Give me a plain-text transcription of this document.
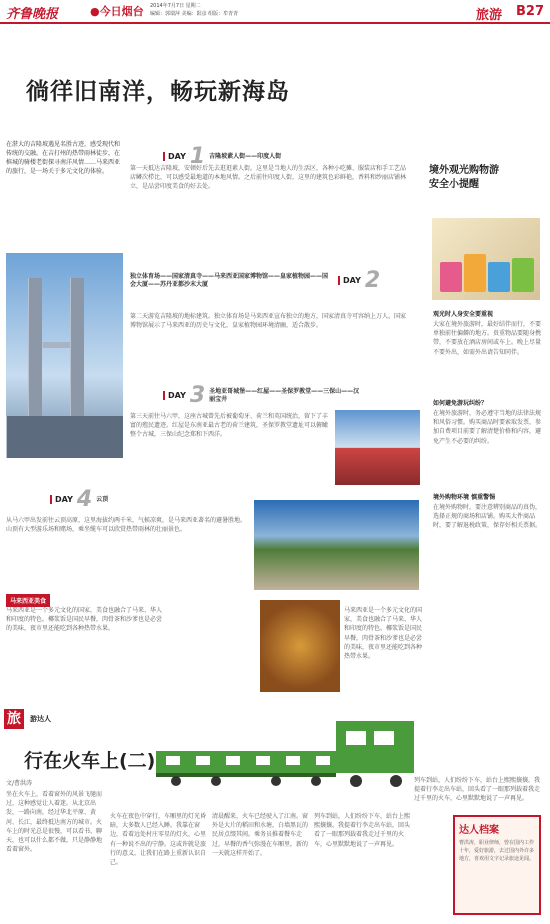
齐鲁晚报	●今日烟台 2014年7月7日 星期二
编辑：郭瑞萍 美编：阳彦 组版：牟青青	旅游 B27
徜徉旧南洋，畅玩新海岛
在湛大的吉隆坡遇见名胜古迹，感受现代和传统的交融，在吉打州的热带雨林徒步，在槟城的骑楼老街探寻南洋风情……马来西亚的旅行，是一场关于多元文化的体验。
DAY 1 吉隆坡素人街——印度人街
第一天抵达吉隆坡，安顿好后先去逛逛素人街。这里是当地人的生活区，各种小吃摊、服装店和手工艺品店鳞次栉比，可以感受最地道的本地风情。之后前往印度人街，这里的建筑色彩鲜艳，香料和纱丽店铺林立，是品尝印度美食的好去处。
独立体育场——国家清真寺——马来西亚国家博物馆——皇家植物园——国会大厦——苏丹亚都沙末大厦	DAY 2
第二天游览吉隆坡的地标建筑。独立体育场是马来西亚宣布独立的地方，国家清真寺可容纳上万人。国家博物馆展示了马来西亚的历史与文化，皇家植物园环境清幽，适合散步。
DAY 3 圣地亚哥城堡——红屋——圣保罗教堂——三保山——汉丽宝井
第三天前往马六甲，这座古城曾先后被葡萄牙、荷兰和英国统治，留下了丰富的殖民遗迹。红屋是东南亚最古老的荷兰建筑，圣保罗教堂遗址可以俯瞰整个古城，三保山纪念郑和下西洋。
DAY 4 云顶
从马六甲出发前往云顶高原，这里海拔约两千米，气候凉爽，是马来西亚著名的避暑胜地。山顶有大型游乐场和赌场，乘坐缆车可以欣赏热带雨林的壮丽景色。
马来西亚美食
马来西亚是一个多元文化的国家，美食也融合了马来、华人和印度的特色。椰浆饭是国民早餐，肉骨茶和沙爹也是必尝的美味，夜市里还能吃到各种热带水果。
马来西亚是一个多元文化的国家，美食也融合了马来、华人和印度的特色。椰浆饭是国民早餐，肉骨茶和沙爹也是必尝的美味，夜市里还能吃到各种热带水果。
境外观光购物游
安全小提醒
观光时人身安全要重视
大家在境外旅游时，最好结伴而行，不要单独前往偏僻的地方。贵重物品要随身携带，不要放在酒店房间或车上。晚上尽量不要外出，如需外出请告知同伴。
如何避免游玩纠纷？
在境外旅游时，务必遵守当地的法律法规和风俗习惯。购买商品时要索取发票，参加自费项目前要了解清楚价格和内容，避免产生不必要的纠纷。
境外购物环境 慎重警惕
在境外购物时，要注意辨别商品的真伪，选择正规的商场和店铺。购买大件商品时，要了解退税政策，保存好相关票据。
旅	游达人
行在火车上(二)
文/曹洪涛
坐在火车上，看着窗外的风景飞驰而过，这种感觉让人着迷。从北京出发，一路向南，经过华北平原、黄河、长江，最终抵达南方的城市。火车上的时光总是很慢，可以看书、聊天，也可以什么都不做，只是静静地看着窗外。
火车在夜色中穿行，车厢里的灯光昏暗，大多数人已经入睡。我靠在窗边，看着远处村庄零星的灯火，心里有一种说不出的宁静。这或许就是旅行的意义，让我们在路上重新认识自己。
清晨醒来，火车已经驶入了江南。窗外是大片的稻田和水塘，白墙黑瓦的民居点缀其间。乘务员推着餐车走过，早餐的香气弥漫在车厢里，新的一天就这样开始了。
列车到站，人们纷纷下车，站台上熙熙攘攘。我提着行李走出车站，回头看了一眼那列载着我走过千里的火车，心里默默地说了一声再见。
列车到站，人们纷纷下车，站台上熙熙攘攘。我提着行李走出车站，回头看了一眼那列载着我走过千里的火车，心里默默地说了一声再见。
达人档案
曹洪涛，职业律师，曾在国内工作十年，爱好旅游，去过国内外许多地方，喜欢用文字记录旅途见闻。
